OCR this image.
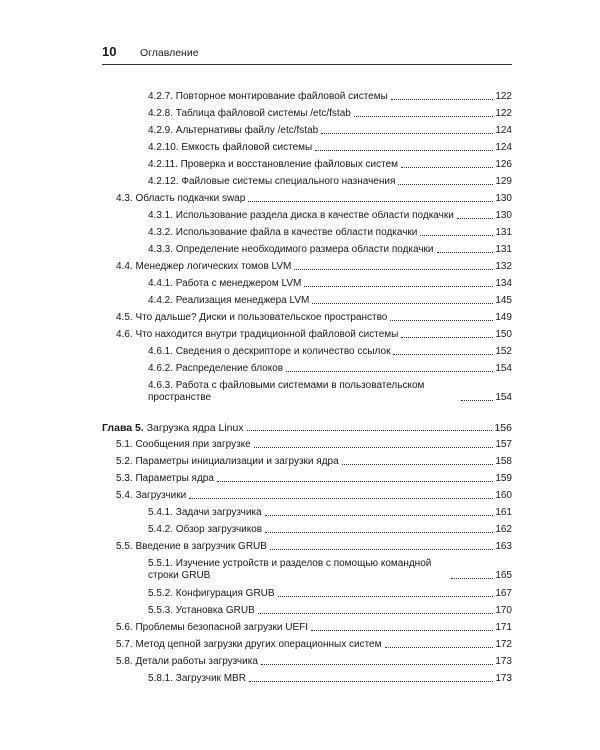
10	Оглавление
4.2.7. Повторное монтирование файловой системы	122
4.2.8. Таблица файловой системы /etc/fstab	122
4.2.9. Альтернативы файлу /etc/fstab	124
4.2.10. Емкость файловой системы	124
4.2.11. Проверка и восстановление файловых систем	126
4.2.12. Файловые системы специального назначения	129
4.3. Область подкачки swap	130
4.3.1. Использование раздела диска в качестве области подкачки	130
4.3.2. Использование файла в качестве области подкачки	131
4.3.3. Определение необходимого размера области подкачки	131
4.4. Менеджер логических томов LVM	132
4.4.1. Работа с менеджером LVM	134
4.4.2. Реализация менеджера LVM	145
4.5. Что дальше? Диски и пользовательское пространство	149
4.6. Что находится внутри традиционной файловой системы	150
4.6.1. Сведения о дескрипторе и количество ссылок	152
4.6.2. Распределение блоков	154
4.6.3. Работа с файловыми системами в пользовательском пространстве	154
Глава 5. Загрузка ядра Linux	156
5.1. Сообщения при загрузке	157
5.2. Параметры инициализации и загрузки ядра	158
5.3. Параметры ядра	159
5.4. Загрузчики	160
5.4.1. Задачи загрузчика	161
5.4.2. Обзор загрузчиков	162
5.5. Введение в загрузчик GRUB	163
5.5.1. Изучение устройств и разделов с помощью командной строки GRUB	165
5.5.2. Конфигурация GRUB	167
5.5.3. Установка GRUB	170
5.6. Проблемы безопасной загрузки UEFI	171
5.7. Метод цепной загрузки других операционных систем	172
5.8. Детали работы загрузчика	173
5.8.1. Загрузчик MBR	173
